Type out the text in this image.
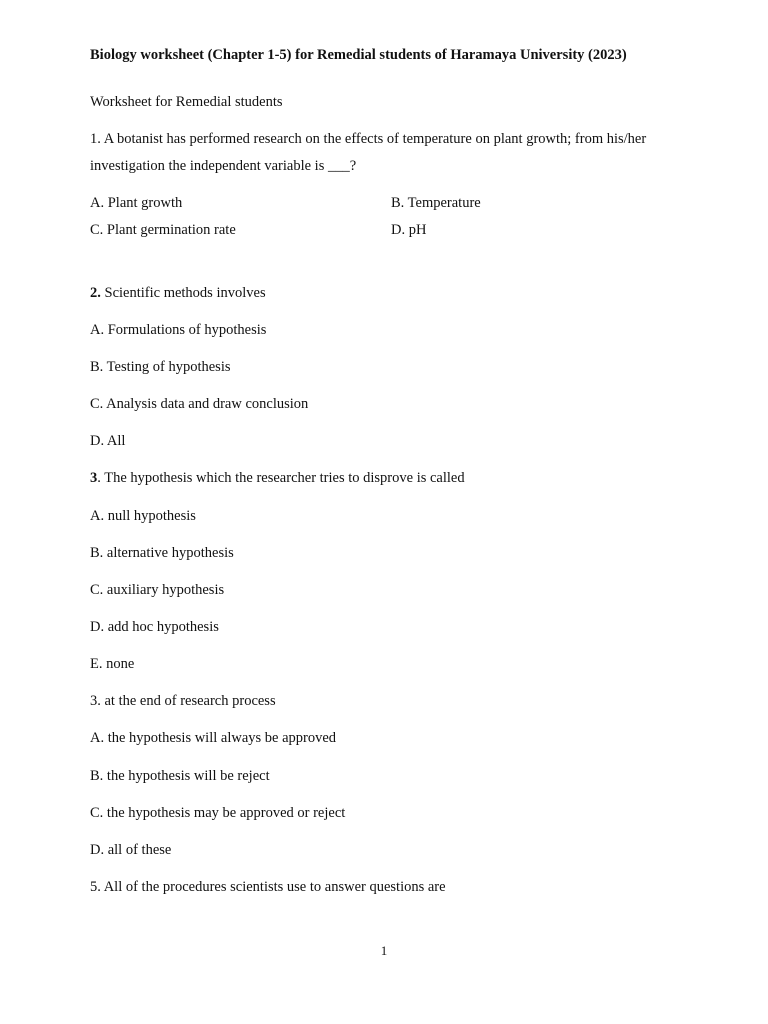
Biology worksheet (Chapter 1-5) for Remedial students of Haramaya University (2023)
Worksheet for Remedial students
1. A botanist has performed research on the effects of temperature on plant growth; from his/her
investigation the independent variable is ___?
A. Plant growth	B. Temperature
C. Plant germination rate	D. pH
2. Scientific methods involves
A. Formulations of hypothesis
B. Testing of hypothesis
C. Analysis data and draw conclusion
D. All
3. The hypothesis which the researcher tries to disprove is called
A. null hypothesis
B. alternative hypothesis
C. auxiliary hypothesis
D. add hoc hypothesis
E. none
3. at the end of research process
A. the hypothesis will always be approved
B. the hypothesis will be reject
C. the hypothesis may be approved or reject
D. all of these
5. All of the procedures scientists use to answer questions are
1
